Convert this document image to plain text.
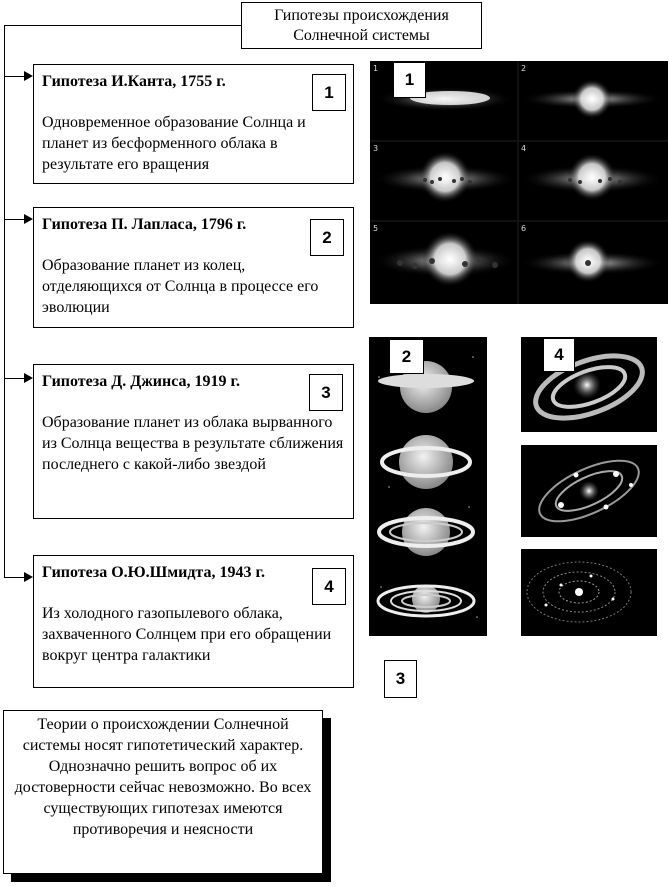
Гипотезы происхождения
Солнечной системы
Гипотеза И.Канта, 1755 г.
Одновременное образование Солнца и планет из бесформенного облака в результате его вращения
1
Гипотеза П. Лапласа, 1796 г.
Образование планет из колец, отделяющихся от Солнца в процессе его эволюции
2
Гипотеза Д. Джинса, 1919 г.
Образование планет из облака вырванного из Солнца вещества в результате сближения последнего с какой-либо звездой
3
Гипотеза О.Ю.Шмидта, 1943 г.
Из холодного газопылевого облака, захваченного Солнцем при его обращении вокруг центра галактики
4
1	2
3	4
5	6
1
2	4
3
Теории о происхождении Солнечной системы носят гипотетический характер. Однозначно решить вопрос об их достоверности сейчас невозможно. Во всех существующих гипотезах имеются противоречия и неясности
